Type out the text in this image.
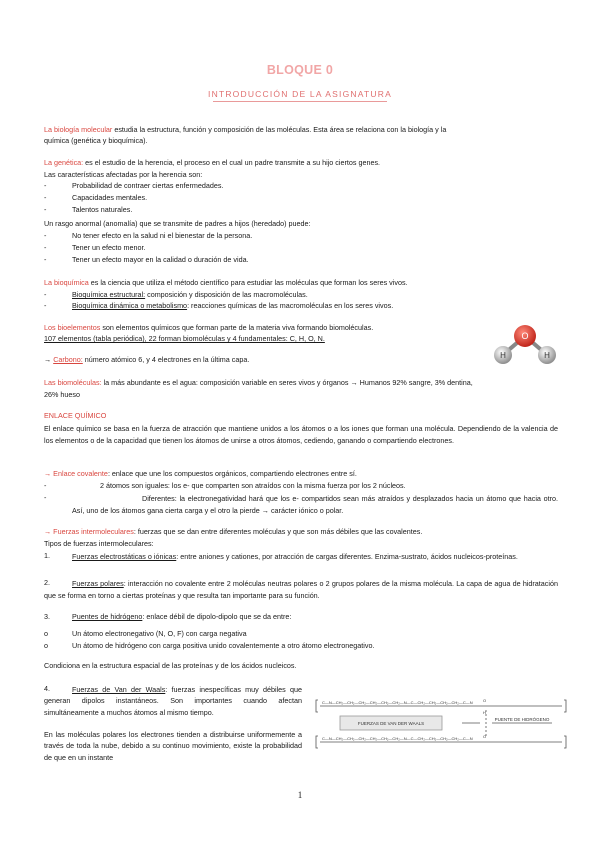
BLOQUE 0
INTRODUCCIÓN DE LA ASIGNATURA
La biología molecular estudia la estructura, función y composición de las moléculas. Esta área se relaciona con la biología y la
química (genética y bioquímica).
La genética: es el estudio de la herencia, el proceso en el cual un padre transmite a su hijo ciertos genes.
Las características afectadas por la herencia son:
-	Probabilidad de contraer ciertas enfermedades.
-	Capacidades mentales.
-	Talentos naturales.
Un rasgo anormal (anomalía) que se transmite de padres a hijos (heredado) puede:
-	No tener efecto en la salud ni el bienestar de la persona.
-	Tener un efecto menor.
-	Tener un efecto mayor en la calidad o duración de vida.
La bioquímica es la ciencia que utiliza el método científico para estudiar las moléculas que forman los seres vivos.
-	Bioquímica estructural: composición y disposición de las macromoléculas.
-	Bioquímica dinámica o metabolismo: reacciones químicas de las macromoléculas en los seres vivos.
Los bioelementos son elementos químicos que forman parte de la materia viva formando biomoléculas.
107 elementos (tabla periódica), 22 forman biomoléculas y 4 fundamentales: C, H, O, N.
→ Carbono: número atómico 6, y 4 electrones en la última capa.
O
H	H
Las biomoléculas: la más abundante es el agua: composición variable en seres vivos y órganos → Humanos 92% sangre, 3% dentina,
26% hueso
ENLACE QUÍMICO
El enlace químico se basa en la fuerza de atracción que mantiene unidos a los átomos o a los iones que forman una molécula. Dependiendo de la valencia de los elementos o de la capacidad que tienen los átomos de unirse a otros átomos, cediendo, ganando o compartiendo electrones.
→ Enlace covalente: enlace que une los compuestos orgánicos, compartiendo electrones entre sí.
-	2 átomos son iguales: los e- que comparten son atraídos con la misma fuerza por los 2 núcleos.
-	Diferentes: la electronegatividad hará que los e- compartidos sean más atraídos y desplazados hacia un átomo que hacia otro. Así, uno de los átomos gana cierta carga y el otro la pierde → carácter iónico o polar.
→ Fuerzas intermoleculares: fuerzas que se dan entre diferentes moléculas y que son más débiles que las covalentes.
Tipos de fuerzas intermoleculares:
1.	Fuerzas electrostáticas o iónicas: entre aniones y cationes, por atracción de cargas diferentes. Enzima-sustrato, ácidos nucleicos-proteínas.
2.	Fuerzas polares: interacción no covalente entre 2 moléculas neutras polares o 2 grupos polares de la misma molécula. La capa de agua de hidratación que se forma en torno a ciertas proteínas y que resulta tan importante para su función.
3.	Puentes de hidrógeno: enlace débil de dipolo-dipolo que se da entre:
o	Un átomo electronegativo (N, O, F) con carga negativa
o	Un átomo de hidrógeno con carga positiva unido covalentemente a otro átomo electronegativo.
Condiciona en la estructura espacial de las proteínas y de los ácidos nucleicos.
4.	Fuerzas de Van der Waals: fuerzas inespecíficas muy débiles que generan dipolos instantáneos. Son importantes cuando afectan simultáneamente a muchos átomos al mismo tiempo.
En las moléculas polares los electrones tienden a distribuirse uniformemente a través de toda la nube, debido a su continuo movimiento, existe la probabilidad de que en un instante
C—N—CH₂—CH₂—CH₂—CH₂—CH₂—CH₂—N—C—CH₂—CH₂—CH₂—CH₂—C—N
C—N—CH₂—CH₂—CH₂—CH₂—CH₂—CH₂—N—C—CH₂—CH₂—CH₂—CH₂—C—N
O
H
O
FUERZAS DE VAN DER WAALS
PUENTE DE HIDRÓGENO
1
